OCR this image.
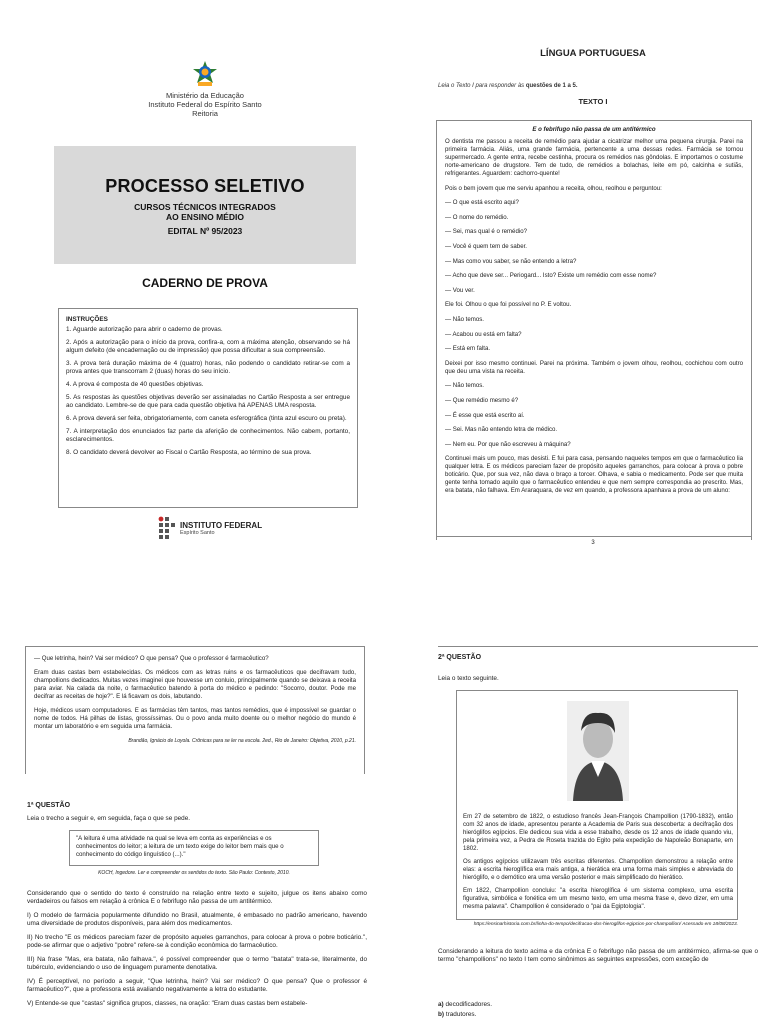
Ministério da Educação
Instituto Federal do Espírito Santo
Reitoria
PROCESSO SELETIVO
CURSOS TÉCNICOS INTEGRADOS
AO ENSINO MÉDIO
EDITAL Nº 95/2023
CADERNO DE PROVA
INSTRUÇÕES

1. Aguarde autorização para abrir o caderno de provas.

2. Após a autorização para o início da prova, confira-a, com a máxima atenção, observando se há algum defeito (de encadernação ou de impressão) que possa dificultar a sua compreensão.

3. A prova terá duração máxima de 4 (quatro) horas, não podendo o candidato retirar-se com a prova antes que transcorram 2 (duas) horas do seu início.

4. A prova é composta de 40 questões objetivas.

5. As respostas às questões objetivas deverão ser assinaladas no Cartão Resposta a ser entregue ao candidato. Lembre-se de que para cada questão objetiva há APENAS UMA resposta.

6. A prova deverá ser feita, obrigatoriamente, com caneta esferográfica (tinta azul escuro ou preta).

7. A interpretação dos enunciados faz parte da aferição de conhecimentos. Não cabem, portanto, esclarecimentos.

8. O candidato deverá devolver ao Fiscal o Cartão Resposta, ao término de sua prova.

INSTITUTO FEDERAL
Espírito Santo
LÍNGUA PORTUGUESA
Leia o Texto I para responder às questões de 1 a 5.
TEXTO I
E o febrifugo não passa de um antitérmico

O dentista me passou a receita de remédio para ajudar a cicatrizar melhor uma pequena cirurgia. Parei na primeira farmácia. Aliás, uma grande farmácia, pertencente a uma dessas redes. Farmácia se tornou supermercado. A gente entra, recebe cestinha, procura os remédios nas gôndolas. E importamos o costume norte-americano de drugstore. Tem de tudo, de remédios a bolachas, leite em pó, calcinha e sutiãs, refrigerantes. Aguardem: cachorro-quente!

Pois o bem jovem que me serviu apanhou a receita, olhou, reolhou e perguntou:

— O que está escrito aqui?

— O nome do remédio.

— Sei, mas qual é o remédio?

— Você é quem tem de saber.

— Mas como vou saber, se não entendo a letra?

— Acho que deve ser... Periogard... Isto? Existe um remédio com esse nome?

— Vou ver.

Ele foi. Olhou o que foi possível no P. E voltou.

— Não temos.

— Acabou ou está em falta?

— Está em falta.

Deixei por isso mesmo continuei. Parei na próxima. Também o jovem olhou, reolhou, cochichou com outro que deu uma vista na receita.

— Não temos.

— Que remédio mesmo é?

— É esse que está escrito aí.

— Sei. Mas não entendo letra de médico.

— Nem eu. Por que não escreveu à máquina?

Continuei mais um pouco, mas desisti. E fui para casa, pensando naqueles tempos em que o farmacêutico lia qualquer letra. E os médicos pareciam fazer de propósito aqueles garranchos, para colocar à prova o pobre boticário. Que, por sua vez, não dava o braço a torcer. Olhava, e sabia o medicamento. Pode ser que muita gente tenha tomado aquilo que o farmacêutico entendeu e que nem sempre correspondia ao prescrito. Mas, era batata, não falhava. Em Araraquara, de vez em quando, a professora apanhava a prova de um aluno:

3

— Que letrinha, hein? Vai ser médico? O que pensa? Que o professor é farmacêutico?

Eram duas castas bem estabelecidas. Os médicos com as letras ruins e os farmacêuticos que decifravam tudo, champollions dedicados. Muitas vezes imaginei que houvesse um conluio, principalmente quando se deixava a receita para aviar. Na calada da noite, o farmacêutico batendo à porta do médico e pedindo: "Socorro, doutor. Pode me decifrar as receitas de hoje?". E lá ficavam os dois, labutando.

Hoje, médicos usam computadores. E as farmácias têm tantos, mas tantos remédios, que é impossível se guardar o nome de todos. Há pilhas de listas, grossíssimas. Ou o povo anda muito doente ou o melhor negócio do mundo é montar um laboratório e em seguida uma farmácia.

Brandão, Ignácio de Loyola. Crônicas para se ler na escola. 2ed., Rio de Janeiro: Objetiva, 2010, p.21.
1ª QUESTÃO
Leia o trecho a seguir e, em seguida, faça o que se pede.
"A leitura é uma atividade na qual se leva em conta as experiências e os conhecimentos do leitor; a leitura de um texto exige do leitor bem mais que o conhecimento do código linguístico (...)."
KOCH, Ingedore. Ler e compreender os sentidos do texto. São Paulo: Contexto, 2010.

Considerando que o sentido do texto é construído na relação entre texto e sujeito, julgue os itens abaixo como verdadeiros ou falsos em relação à crônica E o febrifugo não passa de um antitérmico.

I) O modelo de farmácia popularmente difundido no Brasil, atualmente, é embasado no padrão americano, havendo uma diversidade de produtos disponíveis, para além dos medicamentos.

II) No trecho "E os médicos pareciam fazer de propósito aqueles garranchos, para colocar à prova o pobre boticário.", pode-se afirmar que o adjetivo "pobre" refere-se à condição econômica do farmacêutico.

III) Na frase "Mas, era batata, não falhava.", é possível compreender que o termo "batata" trata-se, literalmente, do tubérculo, evidenciando o uso de linguagem puramente denotativa.

IV) É perceptível, no período a seguir, "Que letrinha, hein? Vai ser médico? O que pensa? Que o professor é farmacêutico?", que a professora está avaliando negativamente a letra do estudante.

V) Entende-se que "castas" significa grupos, classes, na oração: "Eram duas castas bem estabele-

2ª QUESTÃO
Leia o texto seguinte.

Em 27 de setembro de 1822, o estudioso francês Jean-François Champollion (1790-1832), então com 32 anos de idade, apresentou perante a Academia de Paris sua descoberta: a decifração dos hieróglifos egípcios. Ele dedicou sua vida a esse trabalho, desde os 12 anos de idade quando viu, pela primeira vez, a Pedra de Roseta trazida do Egito pela expedição de Napoleão Bonaparte, em 1802.

Os antigos egípcios utilizavam três escritas diferentes. Champollion demonstrou a relação entre elas: a escrita hieroglífica era mais antiga, a hierática era uma forma mais simples e abreviada do hieróglifo, e o demótico era uma versão posterior e mais simplificado do hierático.

Em 1822, Champollion concluiu: "a escrita hieroglífica é um sistema complexo, uma escrita figurativa, simbólica e fonética em um mesmo texto, em uma mesma frase e, devo dizer, em uma mesma palavra". Champollion é considerado o "pai da Egiptologia".

https://ensinarhistoria.com.br/linha-do-tempo/decifracao-dos-hieroglifos-egipcios-por-champollion/ Acessado em 18/08/2023.
Considerando a leitura do texto acima e da crônica E o febrifugo não passa de um antitérmico, afirma-se que o termo "champollions" no texto I tem como sinônimos as seguintes expressões, com exceção de
a) decodificadores.
b) tradutores.
